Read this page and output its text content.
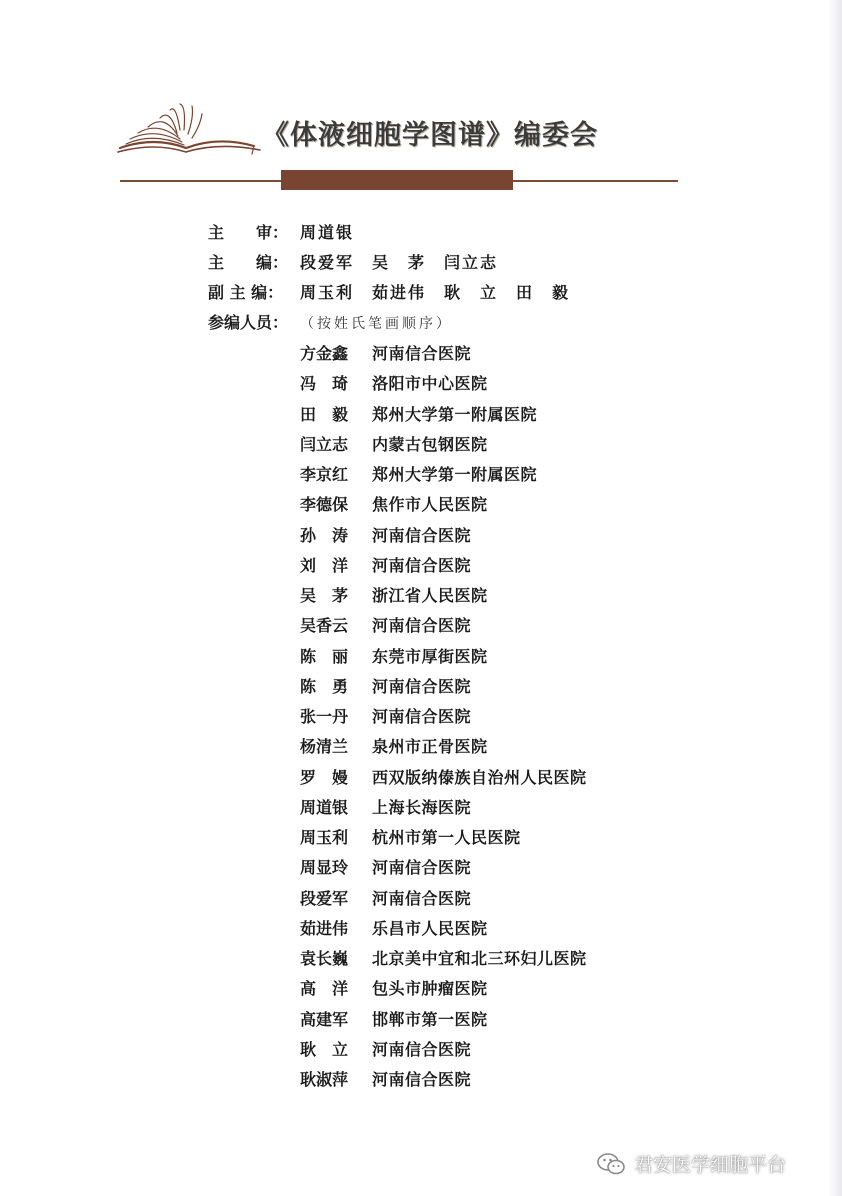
《体液细胞学图谱》编委会
主　　审： 周道银
主　　编： 段爱军　吴　茅　闫立志
副 主 编：	周玉利　茹进伟　耿　立　田　毅
参编人员： （按姓氏笔画顺序）
方金鑫	河南信合医院
冯　琦	洛阳市中心医院
田　毅	郑州大学第一附属医院
闫立志	内蒙古包钢医院
李京红	郑州大学第一附属医院
李德保	焦作市人民医院
孙　涛	河南信合医院
刘　洋	河南信合医院
吴　茅	浙江省人民医院
吴香云	河南信合医院
陈　丽	东莞市厚街医院
陈　勇	河南信合医院
张一丹	河南信合医院
杨清兰	泉州市正骨医院
罗　嫚	西双版纳傣族自治州人民医院
周道银	上海长海医院
周玉利	杭州市第一人民医院
周显玲	河南信合医院
段爱军	河南信合医院
茹进伟	乐昌市人民医院
袁长巍	北京美中宜和北三环妇儿医院
高　洋	包头市肿瘤医院
高建军	邯郸市第一医院
耿　立	河南信合医院
耿淑萍	河南信合医院
君安医学细胞平台
